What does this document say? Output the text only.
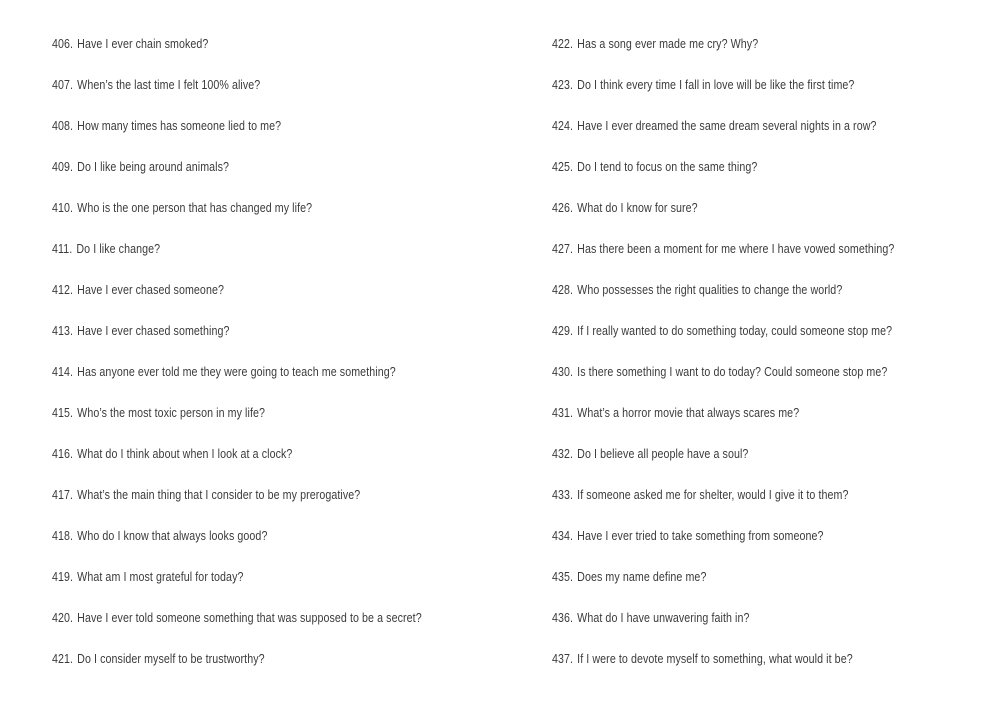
406. Have I ever chain smoked?
407. When’s the last time I felt 100% alive?
408. How many times has someone lied to me?
409. Do I like being around animals?
410. Who is the one person that has changed my life?
411. Do I like change?
412. Have I ever chased someone?
413. Have I ever chased something?
414. Has anyone ever told me they were going to teach me something?
415. Who’s the most toxic person in my life?
416. What do I think about when I look at a clock?
417. What’s the main thing that I consider to be my prerogative?
418. Who do I know that always looks good?
419. What am I most grateful for today?
420. Have I ever told someone something that was supposed to be a secret?
421. Do I consider myself to be trustworthy?
422. Has a song ever made me cry? Why?
423. Do I think every time I fall in love will be like the first time?
424. Have I ever dreamed the same dream several nights in a row?
425. Do I tend to focus on the same thing?
426. What do I know for sure?
427. Has there been a moment for me where I have vowed something?
428. Who possesses the right qualities to change the world?
429. If I really wanted to do something today, could someone stop me?
430. Is there something I want to do today? Could someone stop me?
431. What’s a horror movie that always scares me?
432. Do I believe all people have a soul?
433. If someone asked me for shelter, would I give it to them?
434. Have I ever tried to take something from someone?
435. Does my name define me?
436. What do I have unwavering faith in?
437. If I were to devote myself to something, what would it be?
